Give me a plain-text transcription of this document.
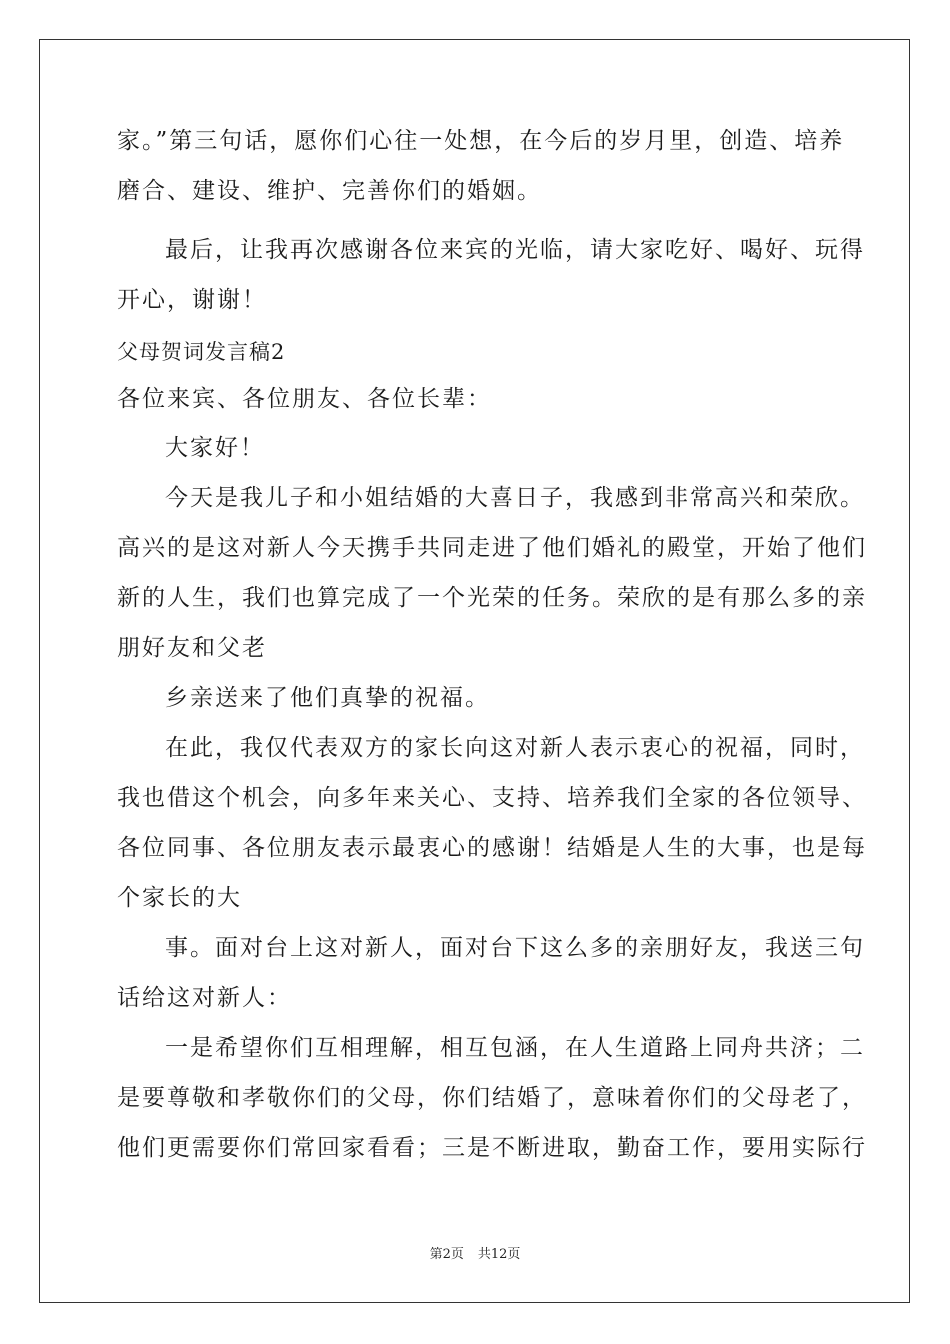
家。”第三句话，愿你们心往一处想，在今后的岁月里，创造、培养
磨合、建设、维护、完善你们的婚姻。
最后，让我再次感谢各位来宾的光临，请大家吃好、喝好、玩得
开心，谢谢！
父母贺词发言稿2
各位来宾、各位朋友、各位长辈：
大家好！
今天是我儿子和小姐结婚的大喜日子，我感到非常高兴和荣欣。
高兴的是这对新人今天携手共同走进了他们婚礼的殿堂，开始了他们
新的人生，我们也算完成了一个光荣的任务。荣欣的是有那么多的亲
朋好友和父老
乡亲送来了他们真挚的祝福。
在此，我仅代表双方的家长向这对新人表示衷心的祝福，同时，
我也借这个机会，向多年来关心、支持、培养我们全家的各位领导、
各位同事、各位朋友表示最衷心的感谢！结婚是人生的大事，也是每
个家长的大
事。面对台上这对新人，面对台下这么多的亲朋好友，我送三句
话给这对新人：
一是希望你们互相理解，相互包涵，在人生道路上同舟共济；二
是要尊敬和孝敬你们的父母，你们结婚了，意味着你们的父母老了，
他们更需要你们常回家看看；三是不断进取，勤奋工作，要用实际行
第2页 共12页
